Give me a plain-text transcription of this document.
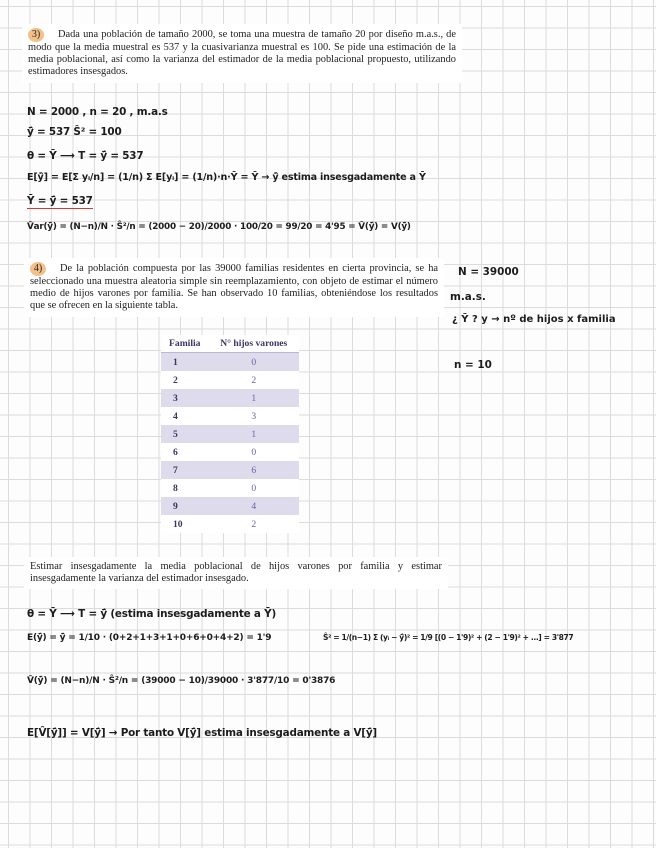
3) Dada una población de tamaño 2000, se toma una muestra de tamaño 20 por diseño m.a.s., de modo que la media muestral es 537 y la cuasivarianza muestral es 100. Se pide una estimación de la media poblacional, así como la varianza del estimador de la media poblacional propuesto, utilizando estimadores insesgados.
N = 2000 , n = 20 , m.a.s
ȳ̂ = 537 Ŝ² = 100
θ = Ȳ ⟶ T = ȳ̂ = 537
E[ȳ̂] = E[Σ yᵢ/n] = (1/n) Σ E[yᵢ] = (1/n)·n·Ȳ = Ȳ → ȳ̂ estima insesgadamente a Ȳ
Ȳ = ȳ̂ = 537
V̂ar(ȳ̂) = (N−n)/N · Ŝ²/n = (2000 − 20)/2000 · 100/20 = 99/20 = 4'95 = V̂(ȳ̂) = V(ȳ̂)
4) De la población compuesta por las 39000 familias residentes en cierta provincia, se ha seleccionado una muestra aleatoria simple sin reemplazamiento, con objeto de estimar el número medio de hijos varones por familia. Se han observado 10 familias, obteniéndose los resultados que se ofrecen en la siguiente tabla.
N = 39000
m.a.s.
¿ Ȳ ? y → nº de hijos x familia
n = 10
Familia	N° hijos varones
1	0
2	2
3	1
4	3
5	1
6	0
7	6
8	0
9	4
10	2
Estimar insesgadamente la media poblacional de hijos varones por familia y estimar insesgadamente la varianza del estimador insesgado.
θ = Ȳ ⟶ T = ȳ̂ (estima insesgadamente a Ȳ)
E(ȳ̂) = ȳ̂ = 1/10 · (0+2+1+3+1+0+6+0+4+2) = 1'9	Ŝ² = 1/(n−1) Σ (yᵢ − ȳ̂)² = 1/9 [(0 − 1'9)² + (2 − 1'9)² + ...] = 3'877
V̂(ȳ̂) = (N−n)/N · Ŝ²/n = (39000 − 10)/39000 · 3'877/10 = 0'3876
E[V̂[ȳ̂]] = V[ȳ̂] → Por tanto V[ȳ̂] estima insesgadamente a V[ȳ̂]
